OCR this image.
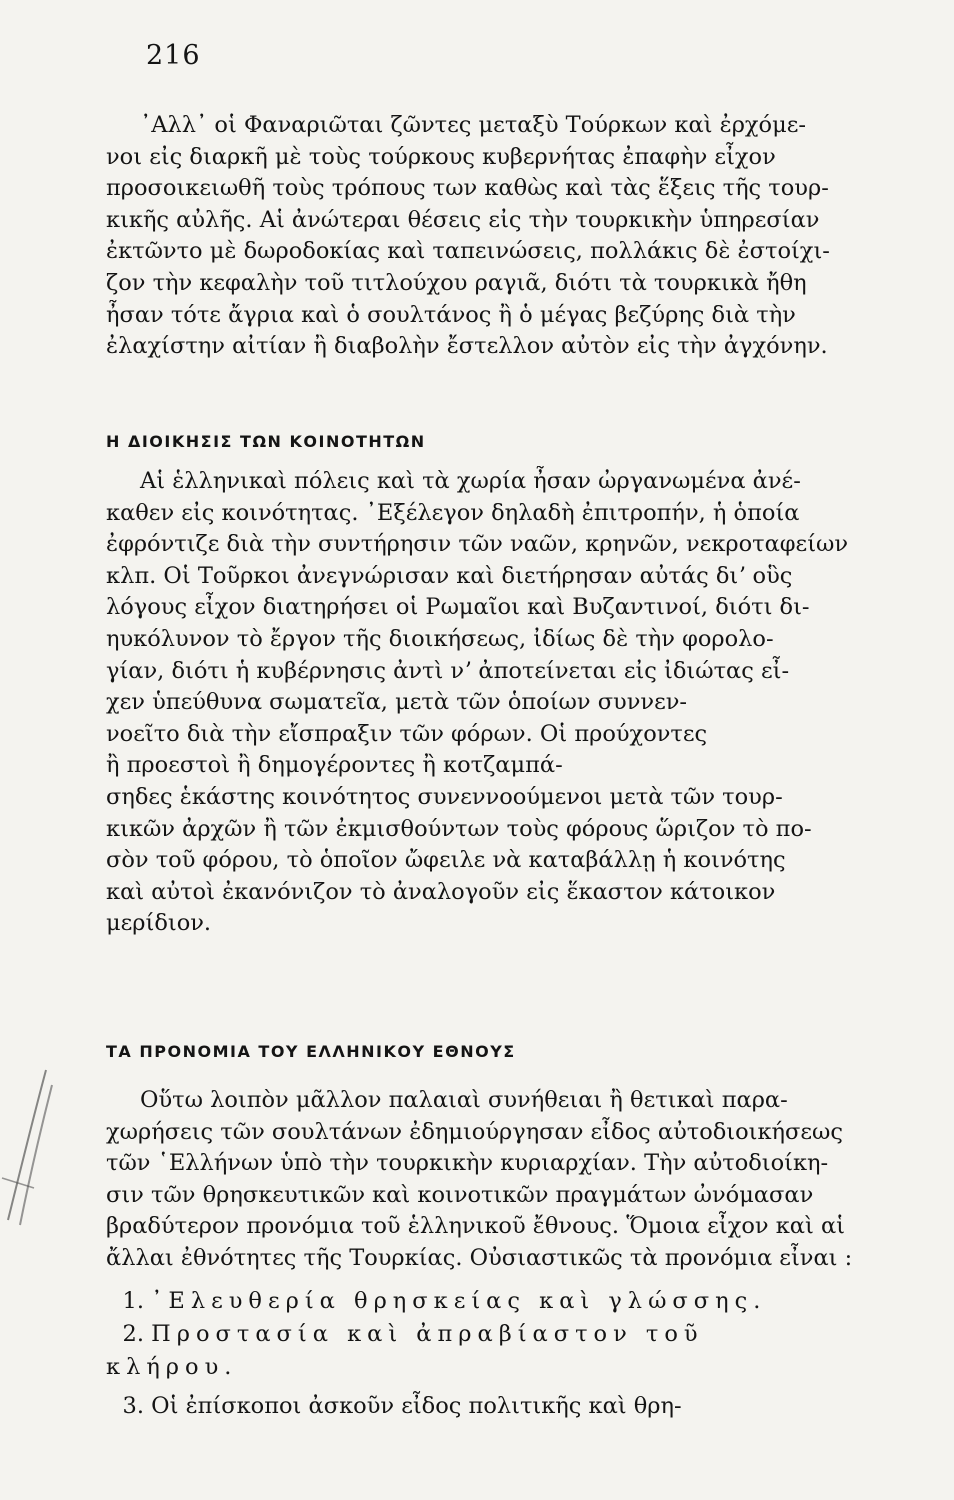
216
᾿Αλλ᾿ οἱ Φαναριῶται ζῶντες μεταξὺ Τούρκων καὶ ἐρχόμε-
νοι εἰς διαρκῆ μὲ τοὺς τούρκους κυβερνήτας ἐπαφὴν εἶχον
προσοικειωθῆ τοὺς τρόπους των καθὼς καὶ τὰς ἕξεις τῆς τουρ-
κικῆς αὐλῆς. Αἱ ἀνώτεραι θέσεις εἰς τὴν τουρκικὴν ὑπηρεσίαν
ἐκτῶντο μὲ δωροδοκίας καὶ ταπεινώσεις, πολλάκις δὲ ἐστοίχι-
ζον τὴν κεφαλὴν τοῦ τιτλούχου ραγιᾶ, διότι τὰ τουρκικὰ ἤθη
ἦσαν τότε ἄγρια καὶ ὁ σουλτάνος ἢ ὁ μέγας βεζύρης διὰ τὴν
ἐλαχίστην αἰτίαν ἢ διαβολὴν ἔστελλον αὐτὸν εἰς τὴν ἀγχόνην.
Η ΔΙΟΙΚΗΣΙΣ ΤΩΝ ΚΟΙΝΟΤΗΤΩΝ
Αἱ ἑλληνικαὶ πόλεις καὶ τὰ χωρία ἦσαν ὠργανωμένα ἀνέ-
καθεν εἰς κοινότητας. ᾿Εξέλεγον δηλαδὴ ἐπιτροπήν, ἡ ὁποία
ἐφρόντιζε διὰ τὴν συντήρησιν τῶν ναῶν, κρηνῶν, νεκροταφείων
κλπ. Οἱ Τοῦρκοι ἀνεγνώρισαν καὶ διετήρησαν αὐτάς διʼ οὓς
λόγους εἶχον διατηρήσει οἱ Ρωμαῖοι καὶ Βυζαντινοί, διότι δι-
ηυκόλυνον τὸ ἔργον τῆς διοικήσεως, ἰδίως δὲ τὴν φορολο-
γίαν, διότι ἡ κυβέρνησις ἀντὶ νʼ ἀποτείνεται εἰς ἰδιώτας εἶ-
χεν ὑπεύθυνα σωματεῖα, μετὰ τῶν ὁποίων συννεν-
νοεῖτο διὰ τὴν εἴσπραξιν τῶν φόρων. Οἱ προύχοντες
ἢ προεστοὶ ἢ δημογέροντες ἢ κοτζαμπά-
σηδες ἑκάστης κοινότητος συνεννοούμενοι μετὰ τῶν τουρ-
κικῶν ἀρχῶν ἢ τῶν ἐκμισθούντων τοὺς φόρους ὥριζον τὸ πο-
σὸν τοῦ φόρου, τὸ ὁποῖον ὤφειλε νὰ καταβάλλῃ ἡ κοινότης
καὶ αὐτοὶ ἐκανόνιζον τὸ ἀναλογοῦν εἰς ἕκαστον κάτοικον
μερίδιον.
ΤΑ ΠΡΟΝΟΜΙΑ ΤΟΥ ΕΛΛΗΝΙΚΟΥ ΕΘΝΟΥΣ
Οὕτω λοιπὸν μᾶλλον παλαιαὶ συνήθειαι ἢ θετικαὶ παρα-
χωρήσεις τῶν σουλτάνων ἐδημιούργησαν εἶδος αὐτοδιοικήσεως
τῶν ῾Ελλήνων ὑπὸ τὴν τουρκικὴν κυριαρχίαν. Τὴν αὐτοδιοίκη-
σιν τῶν θρησκευτικῶν καὶ κοινοτικῶν πραγμάτων ὠνόμασαν
βραδύτερον προνόμια τοῦ ἑλληνικοῦ ἔθνους. Ὅμοια εἶχον καὶ αἱ
ἄλλαι ἐθνότητες τῆς Τουρκίας. Οὐσιαστικῶς τὰ προνόμια εἶναι :
1. ᾿Ελευθερία θρησκείας καὶ γλώσσης.
2. Προστασία καὶ ἀπραβίαστον τοῦ
κλήρου.
3. Οἱ ἐπίσκοποι ἀσκοῦν εἶδος πολιτικῆς καὶ θρη-
